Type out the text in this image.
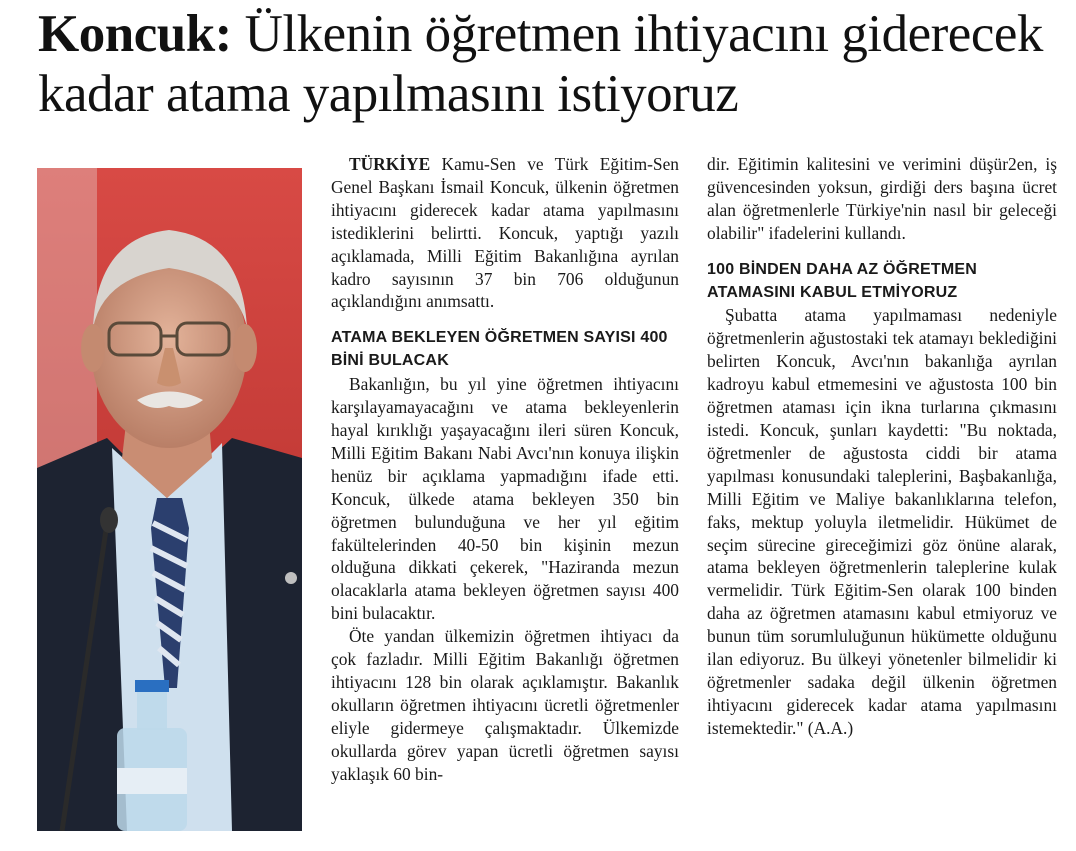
Koncuk: Ülkenin öğretmen ihtiyacını giderecek kadar atama yapılmasını istiyoruz

TÜRKİYE Kamu-Sen ve Türk Eğitim-Sen Genel Başkanı İsmail Koncuk, ülkenin öğretmen ihtiyacını giderecek kadar atama yapılmasını istediklerini belirtti. Koncuk, yaptığı yazılı açıklamada, Milli Eğitim Bakanlığına ayrılan kadro sayısının 37 bin 706 olduğunun açıklandığını anımsattı.

ATAMA BEKLEYEN ÖĞRETMEN SAYISI 400 BİNİ BULACAK

Bakanlığın, bu yıl yine öğretmen ihtiyacını karşılayamayacağını ve atama bekleyenlerin hayal kırıklığı yaşayacağını ileri süren Koncuk, Milli Eğitim Bakanı Nabi Avcı'nın konuya ilişkin henüz bir açıklama yapmadığını ifade etti. Koncuk, ülkede atama bekleyen 350 bin öğretmen bulunduğuna ve her yıl eğitim fakültelerinden 40-50 bin kişinin mezun olduğuna dikkati çekerek, "Haziranda mezun olacaklarla atama bekleyen öğretmen sayısı 400 bini bulacaktır.

Öte yandan ülkemizin öğretmen ihtiyacı da çok fazladır. Milli Eğitim Bakanlığı öğretmen ihtiyacını 128 bin olarak açıklamıştır. Bakanlık okulların öğretmen ihtiyacını ücretli öğretmenler eliyle gidermeye çalışmaktadır. Ülkemizde okullarda görev yapan ücretli öğretmen sayısı yaklaşık 60 bin-

dir. Eğitimin kalitesini ve verimini düşür2en, iş güvencesinden yoksun, girdiği ders başına ücret alan öğretmenlerle Türkiye'nin nasıl bir geleceği olabilir" ifadelerini kullandı.

100 BİNDEN DAHA AZ ÖĞRETMEN ATAMASINI KABUL ETMİYORUZ

Şubatta atama yapılmaması nedeniyle öğretmenlerin ağustostaki tek atamayı beklediğini belirten Koncuk, Avcı'nın bakanlığa ayrılan kadroyu kabul etmemesini ve ağustosta 100 bin öğretmen ataması için ikna turlarına çıkmasını istedi. Koncuk, şunları kaydetti: "Bu noktada, öğretmenler de ağustosta ciddi bir atama yapılması konusundaki taleplerini, Başbakanlığa, Milli Eğitim ve Maliye bakanlıklarına telefon, faks, mektup yoluyla iletmelidir. Hükümet de seçim sürecine gireceğimizi göz önüne alarak, atama bekleyen öğretmenlerin taleplerine kulak vermelidir. Türk Eğitim-Sen olarak 100 binden daha az öğretmen atamasını kabul etmiyoruz ve bunun tüm sorumluluğunun hükümette olduğunu ilan ediyoruz. Bu ülkeyi yönetenler bilmelidir ki öğretmenler sadaka değil ülkenin öğretmen ihtiyacını giderecek kadar atama yapılmasını istemektedir." (A.A.)
